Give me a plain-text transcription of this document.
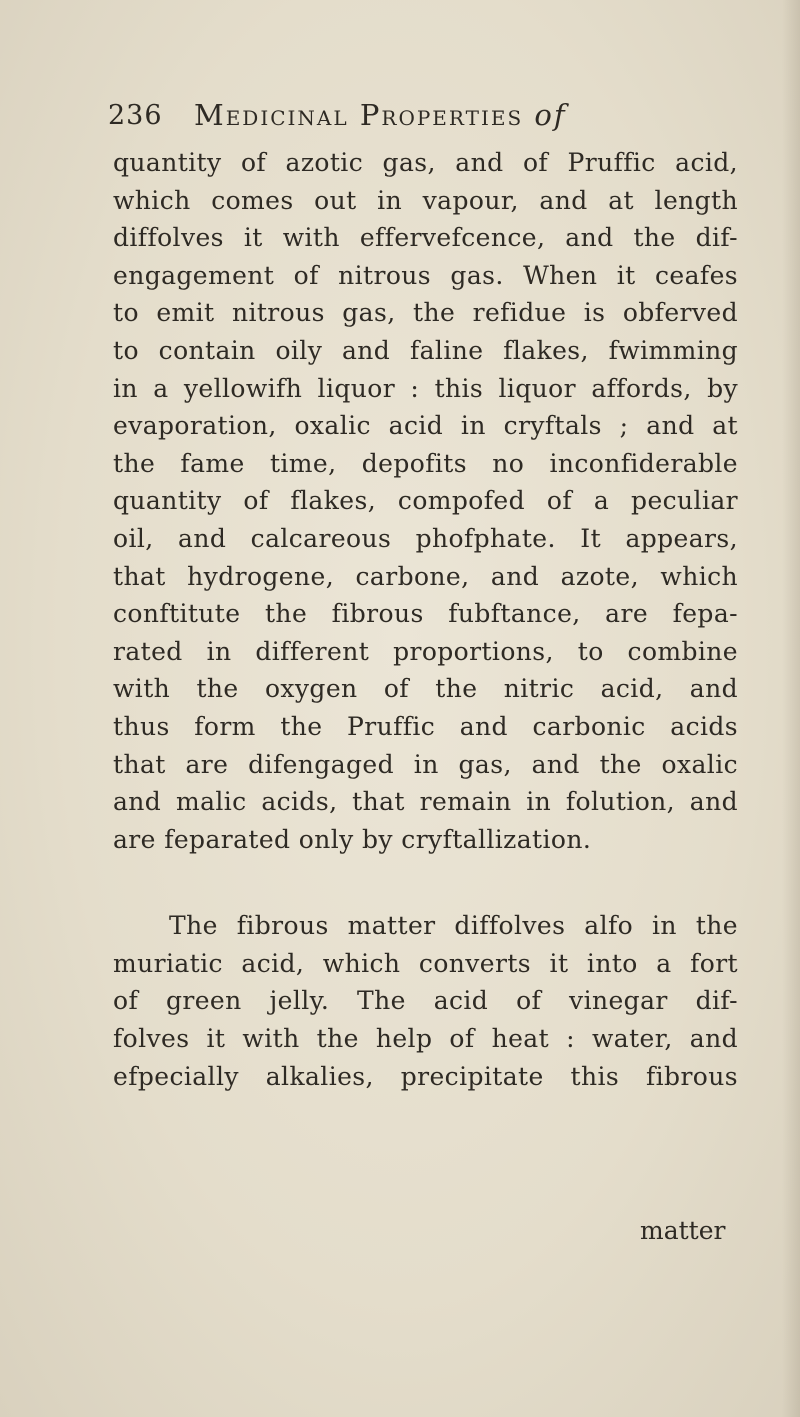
236 Medicinal Properties of
quantity of azotic gas, and of Pruffic acid,
which comes out in vapour, and at length
diffolves it with effervefcence, and the dif-
engagement of nitrous gas. When it ceafes
to emit nitrous gas, the refidue is obferved
to contain oily and faline flakes, fwimming
in a yellowifh liquor : this liquor affords, by
evaporation, oxalic acid in cryftals ; and at
the fame time, depofits no inconfiderable
quantity of flakes, compofed of a peculiar
oil, and calcareous phofphate. It appears,
that hydrogene, carbone, and azote, which
conftitute the fibrous fubftance, are fepa-
rated in different proportions, to combine
with the oxygen of the nitric acid, and
thus form the Pruffic and carbonic acids
that are difengaged in gas, and the oxalic
and malic acids, that remain in folution, and
are feparated only by cryftallization.
The fibrous matter diffolves alfo in the
muriatic acid, which converts it into a fort
of green jelly. The acid of vinegar dif-
folves it with the help of heat : water, and
efpecially alkalies, precipitate this fibrous
matter
